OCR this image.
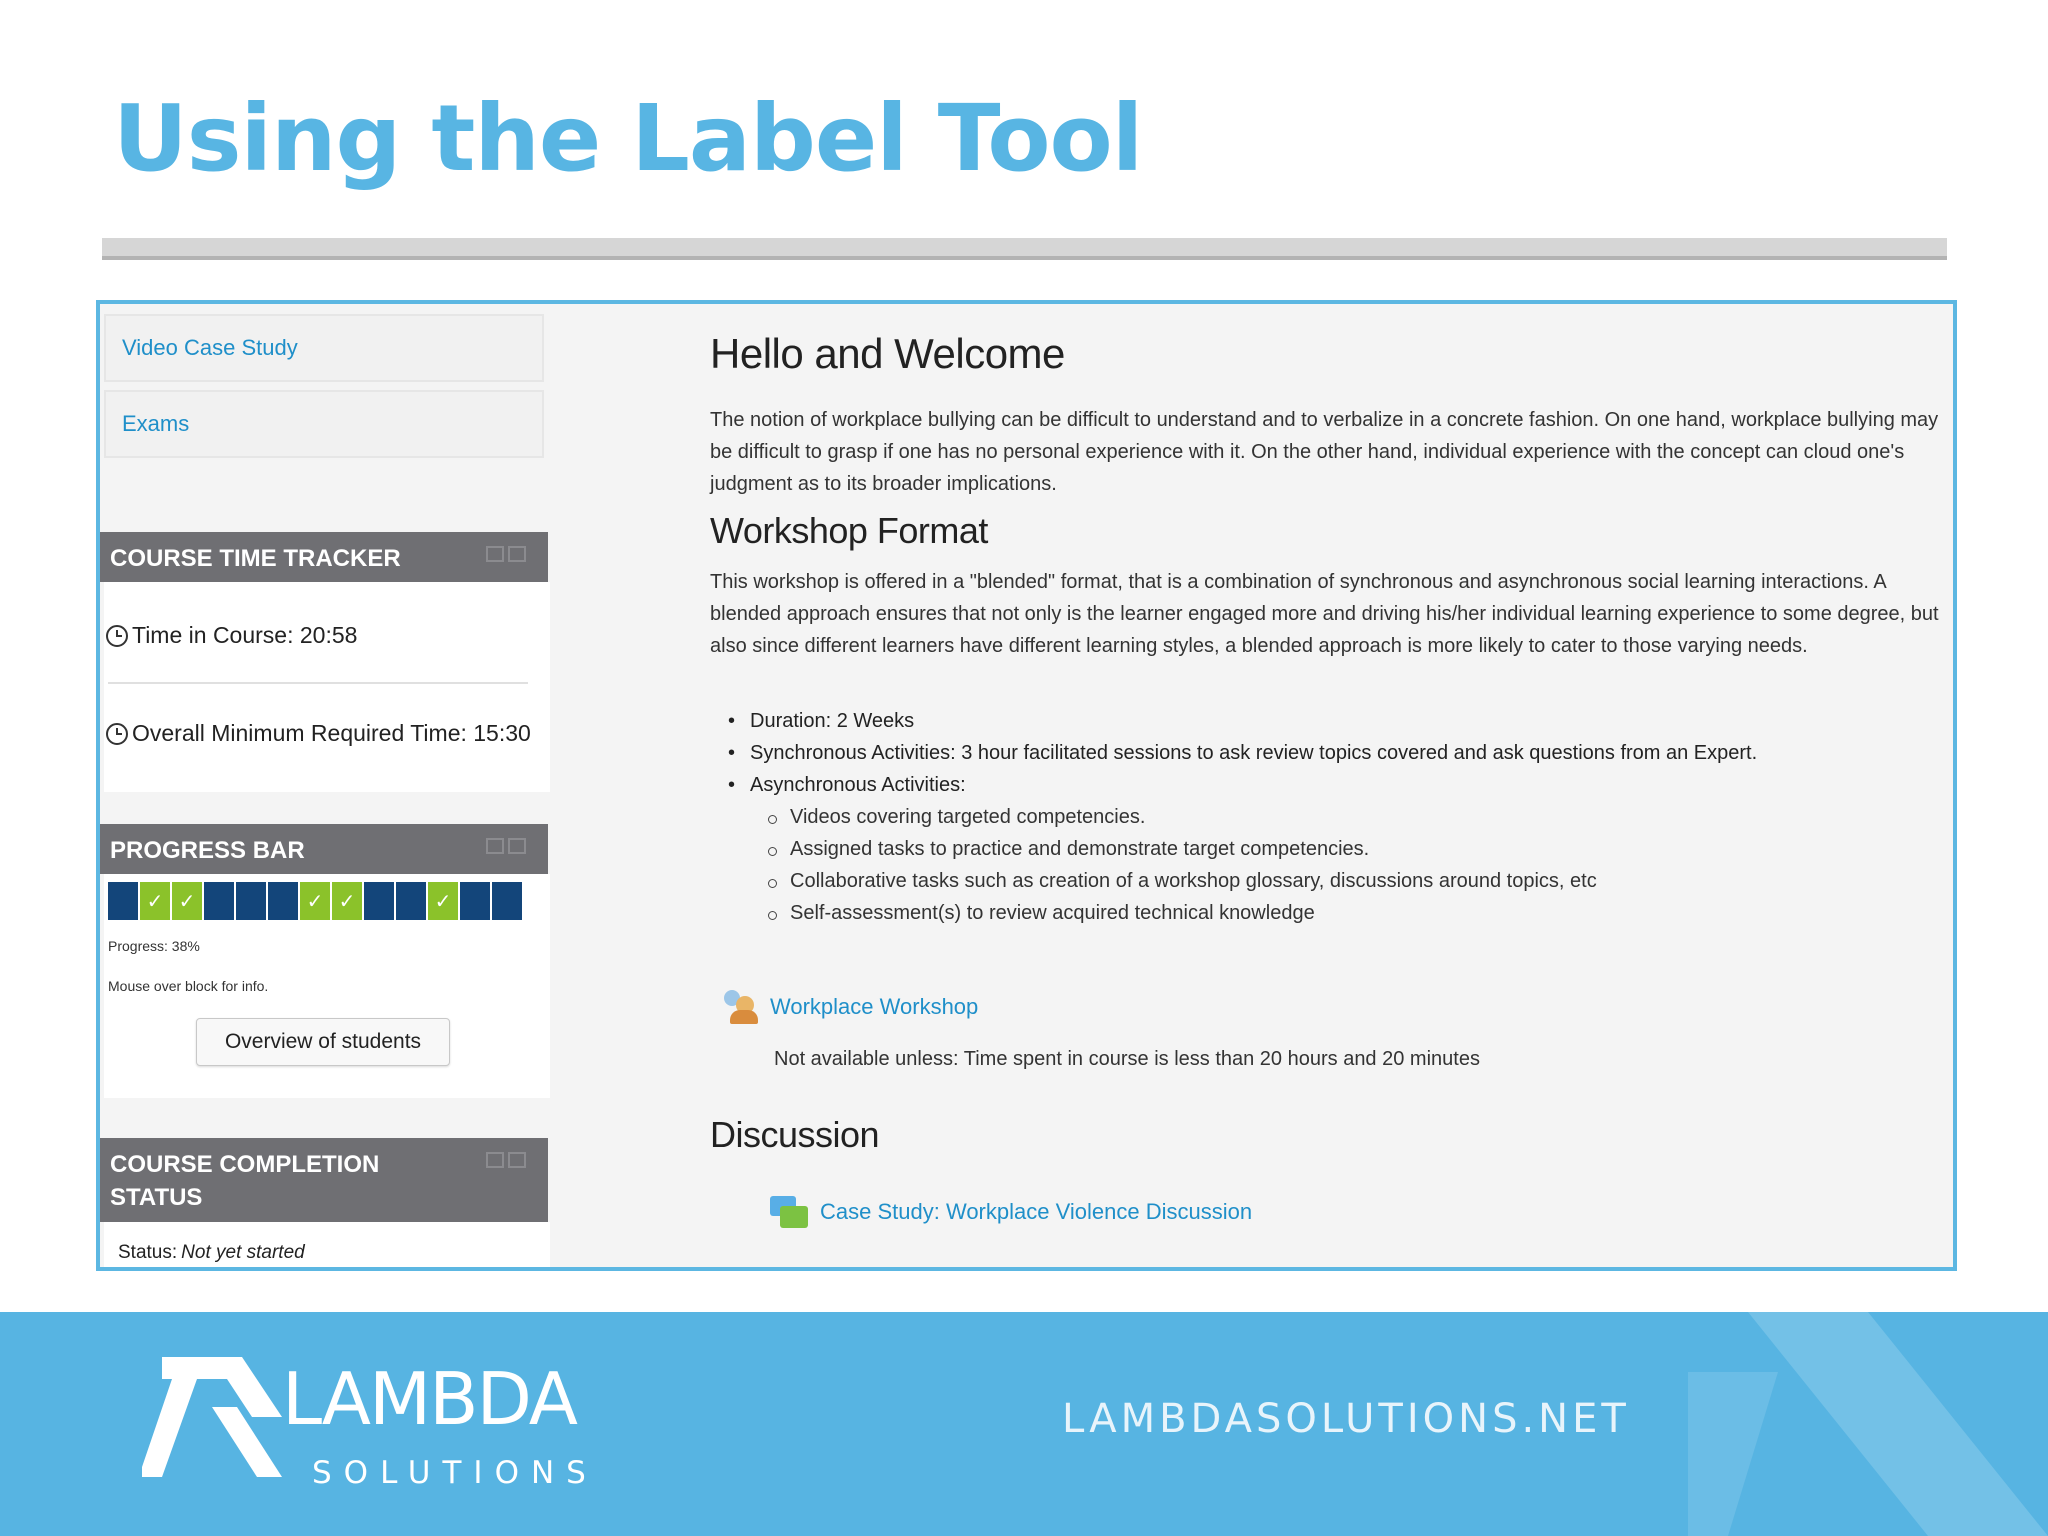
Using the Label Tool
Video Case Study
Exams
COURSE TIME TRACKER
Time in Course: 20:58
Overall Minimum Required Time: 15:30
PROGRESS BAR
✓ ✓	✓ ✓	✓
Progress: 38%
Mouse over block for info.
Overview of students
COURSE COMPLETION
STATUS
Status: Not yet started
Hello and Welcome

The notion of workplace bullying can be difficult to understand and to verbalize in a concrete fashion. On one hand, workplace bullying may be difficult to grasp if one has no personal experience with it. On the other hand, individual experience with the concept can cloud one's judgment as to its broader implications.

Workshop Format

This workshop is offered in a "blended" format, that is a combination of synchronous and asynchronous social learning interactions. A blended approach ensures that not only is the learner engaged more and driving his/her individual learning experience to some degree, but also since different learners have different learning styles, a blended approach is more likely to cater to those varying needs.

• Duration: 2 Weeks
• Synchronous Activities: 3 hour facilitated sessions to ask review topics covered and ask questions from an Expert.
• Asynchronous Activities:
Videos covering targeted competencies.
Assigned tasks to practice and demonstrate target competencies.
Collaborative tasks such as creation of a workshop glossary, discussions around topics, etc
Self-assessment(s) to review acquired technical knowledge
Workplace Workshop
Not available unless: Time spent in course is less than 20 hours and 20 minutes
Discussion
Case Study: Workplace Violence Discussion
LAMBDA
SOLUTIONS
LAMBDASOLUTIONS.NET
